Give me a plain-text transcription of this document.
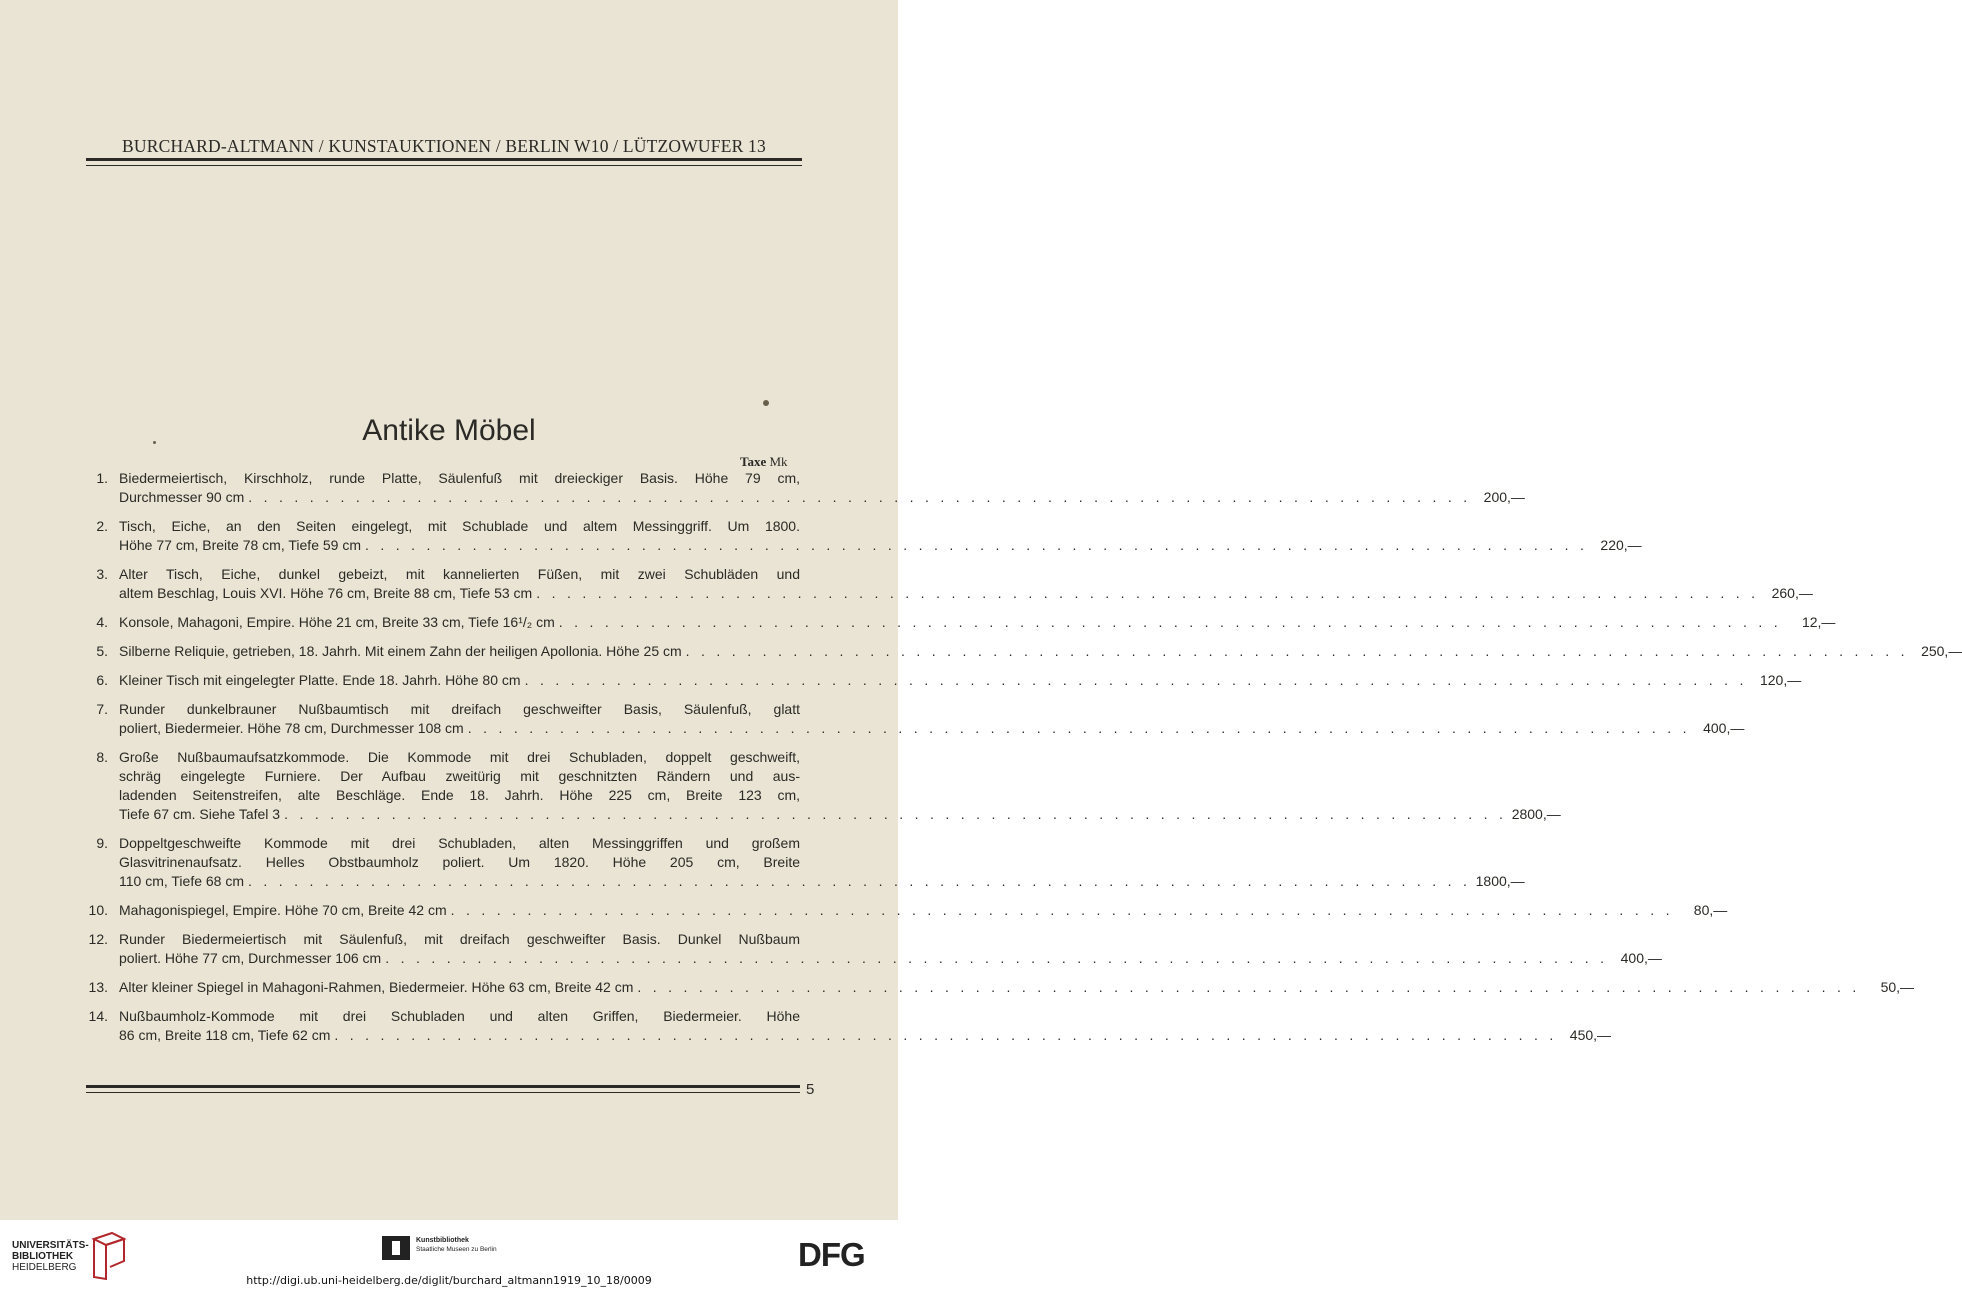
BURCHARD-ALTMANN / KUNSTAUKTIONEN / BERLIN W10 / LÜTZOWUFER 13
Antike Möbel
Taxe Mk
1. Biedermeiertisch, Kirschholz, runde Platte, Säulenfuß mit dreieckiger Basis. Höhe 79 cm,
Durchmesser 90 cm . . . . . . . . . . . . . . . . . . . . . . . . . . . . . . . . . . . . . . . . . . . . . . . . . . . . . . . . . . . . . . . . . . . . . . . . . . . . . . . . 200,—
2. Tisch, Eiche, an den Seiten eingelegt, mit Schublade und altem Messinggriff. Um 1800.
Höhe 77 cm, Breite 78 cm, Tiefe 59 cm . . . . . . . . . . . . . . . . . . . . . . . . . . . . . . . . . . . . . . . . . . . . . . . . . . . . . . . . . . . . . . . . . . . . . . . . . . . . . . . . 220,—
3. Alter Tisch, Eiche, dunkel gebeizt, mit kannelierten Füßen, mit zwei Schubläden und
altem Beschlag, Louis XVI. Höhe 76 cm, Breite 88 cm, Tiefe 53 cm . . . . . . . . . . . . . . . . . . . . . . . . . . . . . . . . . . . . . . . . . . . . . . . . . . . . . . . . . . . . . . . . . . . . . . . . . . . . . . . . 260,—
4. Konsole, Mahagoni, Empire. Höhe 21 cm, Breite 33 cm, Tiefe 16¹/₂ cm . . . . . . . . . . . . . . . . . . . . . . . . . . . . . . . . . . . . . . . . . . . . . . . . . . . . . . . . . . . . . . . . . . . . . . . . . . . . . . . .	12,—
5. Silberne Reliquie, getrieben, 18. Jahrh. Mit einem Zahn der heiligen Apollonia. Höhe 25 cm . . . . . . . . . . . . . . . . . . . . . . . . . . . . . . . . . . . . . . . . . . . . . . . . . . . . . . . . . . . . . . . . . . . . . . . . . . . . . . . . 250,—
6. Kleiner Tisch mit eingelegter Platte. Ende 18. Jahrh. Höhe 80 cm . . . . . . . . . . . . . . . . . . . . . . . . . . . . . . . . . . . . . . . . . . . . . . . . . . . . . . . . . . . . . . . . . . . . . . . . . . . . . . . . 120,—
7. Runder dunkelbrauner Nußbaumtisch mit dreifach geschweifter Basis, Säulenfuß, glatt
poliert, Biedermeier. Höhe 78 cm, Durchmesser 108 cm . . . . . . . . . . . . . . . . . . . . . . . . . . . . . . . . . . . . . . . . . . . . . . . . . . . . . . . . . . . . . . . . . . . . . . . . . . . . . . . . 400,—
8. Große Nußbaumaufsatzkommode. Die Kommode mit drei Schubladen, doppelt geschweift,
schräg eingelegte Furniere. Der Aufbau zweitürig mit geschnitzten Rändern und aus-
ladenden Seitenstreifen, alte Beschläge. Ende 18. Jahrh. Höhe 225 cm, Breite 123 cm,
Tiefe 67 cm. Siehe Tafel 3 . . . . . . . . . . . . . . . . . . . . . . . . . . . . . . . . . . . . . . . . . . . . . . . . . . . . . . . . . . . . . . . . . . . . . . . . . . . . . . . . 2800,—
9. Doppeltgeschweifte Kommode mit drei Schubladen, alten Messinggriffen und großem
Glasvitrinenaufsatz. Helles Obstbaumholz poliert. Um 1820. Höhe 205 cm, Breite
110 cm, Tiefe 68 cm . . . . . . . . . . . . . . . . . . . . . . . . . . . . . . . . . . . . . . . . . . . . . . . . . . . . . . . . . . . . . . . . . . . . . . . . . . . . . . . . 1800,—
10. Mahagonispiegel, Empire. Höhe 70 cm, Breite 42 cm . . . . . . . . . . . . . . . . . . . . . . . . . . . . . . . . . . . . . . . . . . . . . . . . . . . . . . . . . . . . . . . . . . . . . . . . . . . . . . . .	80,—
12. Runder Biedermeiertisch mit Säulenfuß, mit dreifach geschweifter Basis. Dunkel Nußbaum
poliert. Höhe 77 cm, Durchmesser 106 cm . . . . . . . . . . . . . . . . . . . . . . . . . . . . . . . . . . . . . . . . . . . . . . . . . . . . . . . . . . . . . . . . . . . . . . . . . . . . . . . . 400,—
13. Alter kleiner Spiegel in Mahagoni-Rahmen, Biedermeier. Höhe 63 cm, Breite 42 cm . . . . . . . . . . . . . . . . . . . . . . . . . . . . . . . . . . . . . . . . . . . . . . . . . . . . . . . . . . . . . . . . . . . . . . . . . . . . . . . .	50,—
14. Nußbaumholz-Kommode mit drei Schubladen und alten Griffen, Biedermeier. Höhe
86 cm, Breite 118 cm, Tiefe 62 cm . . . . . . . . . . . . . . . . . . . . . . . . . . . . . . . . . . . . . . . . . . . . . . . . . . . . . . . . . . . . . . . . . . . . . . . . . . . . . . . . 450,—
5
UNIVERSITÄTS-
BIBLIOTHEK
HEIDELBERG
Kunstbibliothek
Staatliche Museen zu Berlin	DFG
http://digi.ub.uni-heidelberg.de/diglit/burchard_altmann1919_10_18/0009
